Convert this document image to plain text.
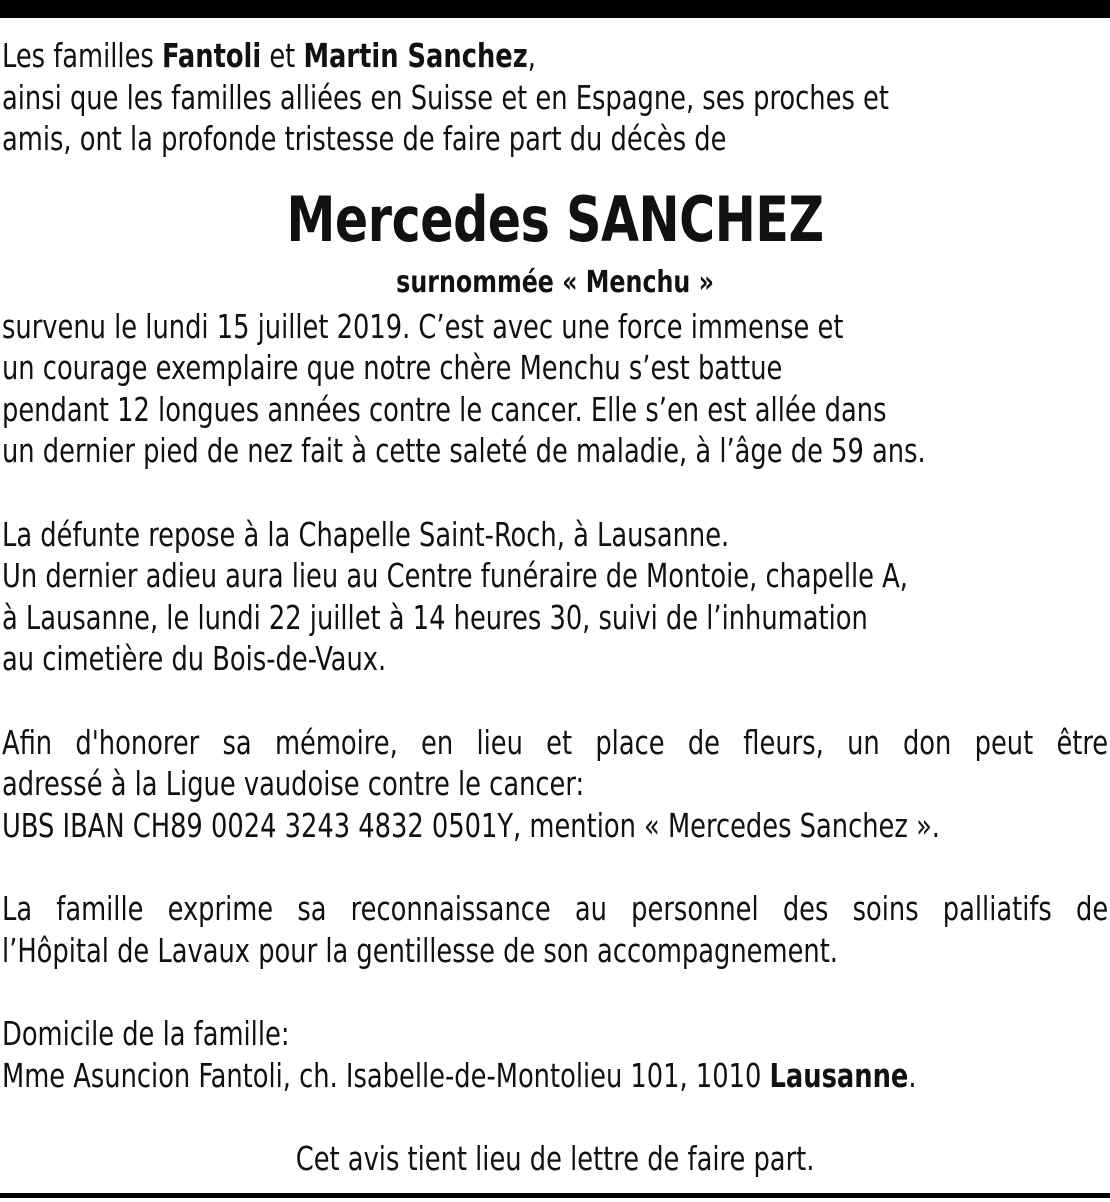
Les familles Fantoli et Martin Sanchez,

ainsi que les familles alliées en Suisse et en Espagne, ses proches et

amis, ont la profonde tristesse de faire part du décès de

Mercedes SANCHEZ

surnommée « Menchu »

survenu le lundi 15 juillet 2019. C’est avec une force immense et

un courage exemplaire que notre chère Menchu s’est battue

pendant 12 longues années contre le cancer. Elle s’en est allée dans

un dernier pied de nez fait à cette saleté de maladie, à l’âge de 59 ans.

La défunte repose à la Chapelle Saint-Roch, à Lausanne.

Un dernier adieu aura lieu au Centre funéraire de Montoie, chapelle A,

à Lausanne, le lundi 22 juillet à 14 heures 30, suivi de l’inhumation

au cimetière du Bois-de-Vaux.

Afin d'honorer sa mémoire, en lieu et place de fleurs, un don peut être
adressé à la Ligue vaudoise contre le cancer:
UBS IBAN CH89 0024 3243 4832 0501Y, mention « Mercedes Sanchez ».

La famille exprime sa reconnaissance au personnel des soins palliatifs de
l’Hôpital de Lavaux pour la gentillesse de son accompagnement.

Domicile de la famille:

Mme Asuncion Fantoli, ch. Isabelle-de-Montolieu 101, 1010 Lausanne.

Cet avis tient lieu de lettre de faire part.
